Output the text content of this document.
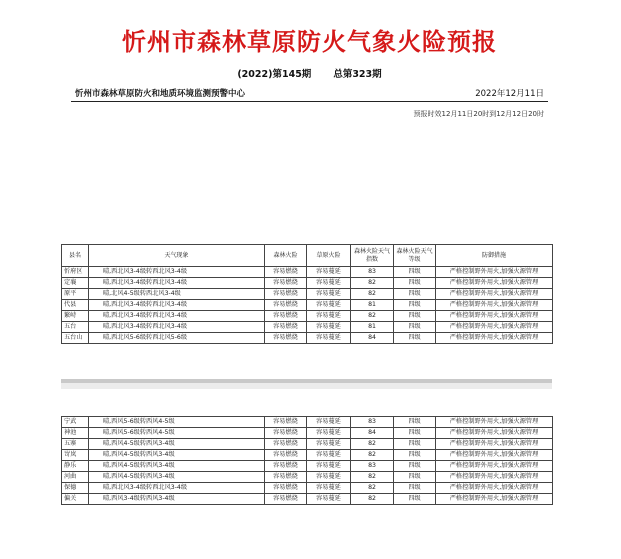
忻州市森林草原防火气象火险预报
(2022)第145期 总第323期
忻州市森林草原防火和地质环境监测预警中心	2022年12月11日
预报时效12月11日20时到12月12日20时
县名	天气现象	森林火险	草原火险	森林火险天气指数	森林火险天气等级	防御措施
忻府区	晴,西北风3-4级转西北风3-4级	容易燃烧	容易蔓延	83	四级	严格控制野外用火,加强火源管理
定襄	晴,西北风3-4级转西北风3-4级	容易燃烧	容易蔓延	82	四级	严格控制野外用火,加强火源管理
原平	晴,北风4-5级转西北风3-4级	容易燃烧	容易蔓延	82	四级	严格控制野外用火,加强火源管理
代县	晴,西北风3-4级转西北风3-4级	容易燃烧	容易蔓延	81	四级	严格控制野外用火,加强火源管理
繁峙	晴,西北风3-4级转西北风3-4级	容易燃烧	容易蔓延	82	四级	严格控制野外用火,加强火源管理
五台	晴,西北风3-4级转西北风3-4级	容易燃烧	容易蔓延	81	四级	严格控制野外用火,加强火源管理
五台山	晴,西北风5-6级转西北风5-6级	容易燃烧	容易蔓延	84	四级	严格控制野外用火,加强火源管理
宁武	晴,西风5-6级转西风4-5级	容易燃烧	容易蔓延	83	四级	严格控制野外用火,加强火源管理
神池	晴,西风5-6级转西风4-5级	容易燃烧	容易蔓延	84	四级	严格控制野外用火,加强火源管理
五寨	晴,西风4-5级转西风3-4级	容易燃烧	容易蔓延	82	四级	严格控制野外用火,加强火源管理
岢岚	晴,西风4-5级转西风3-4级	容易燃烧	容易蔓延	82	四级	严格控制野外用火,加强火源管理
静乐	晴,西风4-5级转西风3-4级	容易燃烧	容易蔓延	83	四级	严格控制野外用火,加强火源管理
河曲	晴,西风4-5级转西风3-4级	容易燃烧	容易蔓延	82	四级	严格控制野外用火,加强火源管理
保德	晴,西北风3-4级转西北风3-4级	容易燃烧	容易蔓延	82	四级	严格控制野外用火,加强火源管理
偏关	晴,西风3-4级转西风3-4级	容易燃烧	容易蔓延	82	四级	严格控制野外用火,加强火源管理
